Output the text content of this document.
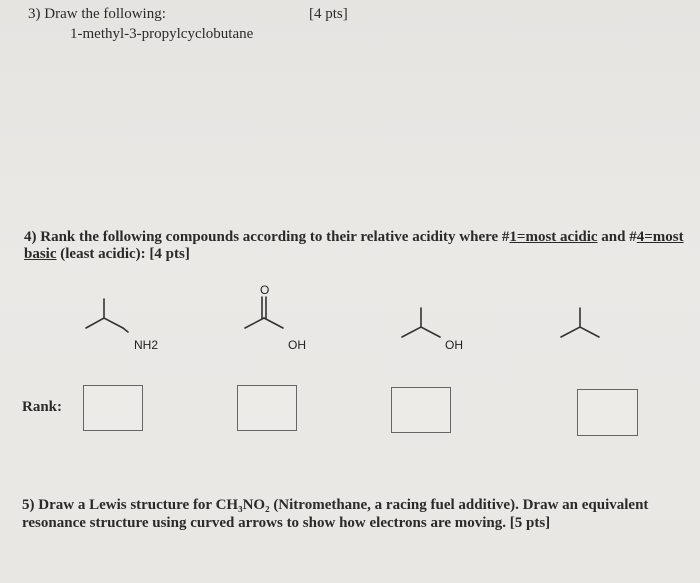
3) Draw the following:	[4 pts]
1-methyl-3-propylcyclobutane
4) Rank the following compounds according to their relative acidity where #1=most acidic and #4=most
basic (least acidic): [4 pts]
NH2
O
OH	OH
Rank:
5) Draw a Lewis structure for CH₃NO₂ (Nitromethane, a racing fuel additive). Draw an equivalent
resonance structure using curved arrows to show how electrons are moving. [5 pts]
